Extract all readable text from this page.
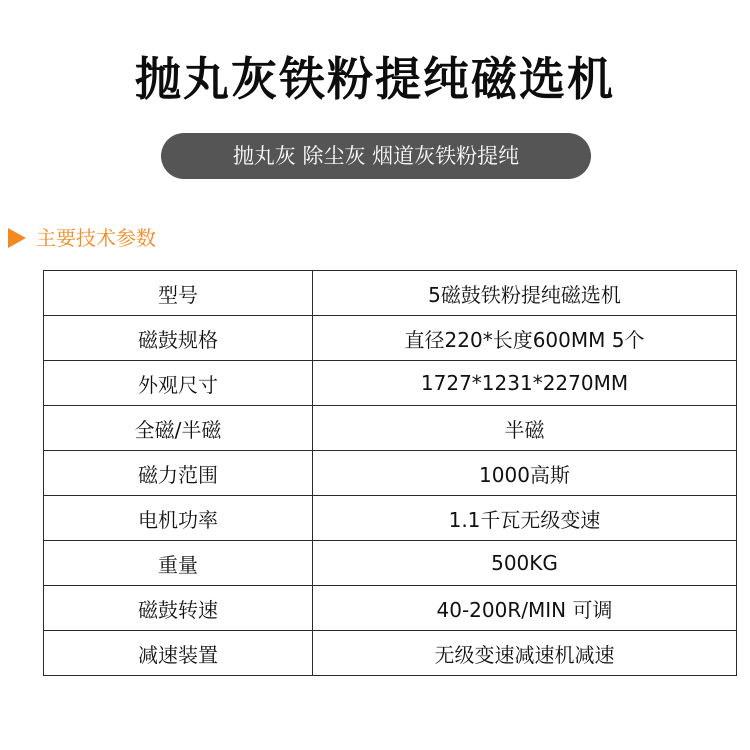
抛丸灰铁粉提纯磁选机
抛丸灰 除尘灰 烟道灰铁粉提纯
主要技术参数
型号	5磁鼓铁粉提纯磁选机
磁鼓规格	直径220*长度600MM 5个
外观尺寸	1727*1231*2270MM
全磁/半磁	半磁
磁力范围	1000高斯
电机功率	1.1千瓦无级变速
重量	500KG
磁鼓转速	40-200R/MIN 可调
减速装置	无级变速减速机减速
